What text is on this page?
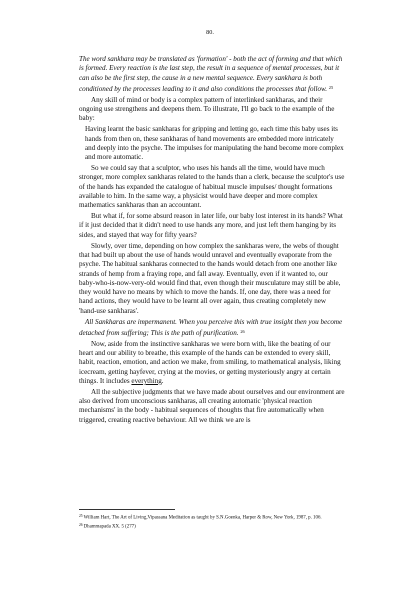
80.

The word sankhara may be translated as 'formation' - both the act of forming and that which is formed. Every reaction is the last step, the result in a sequence of mental processes, but it can also be the first step, the cause in a new mental sequence. Every sankhara is both conditioned by the processes leading to it and also conditions the processes that follow. $^{25}$

Any skill of mind or body is a complex pattern of interlinked sankharas, and their ongoing use strengthens and deepens them. To illustrate, I'll go back to the example of the baby:

Having learnt the basic sankharas for gripping and letting go, each time this baby uses its hands from then on, these sankharas of hand movements are embedded more intricately and deeply into the psyche. The impulses for manipulating the hand become more complex and more automatic.

So we could say that a sculptor, who uses his hands all the time, would have much stronger, more complex sankharas related to the hands than a clerk, because the sculptor's use of the hands has expanded the catalogue of habitual muscle impulses/ thought formations available to him. In the same way, a physicist would have deeper and more complex mathematics sankharas than an accountant.

But what if, for some absurd reason in later life, our baby lost interest in its hands? What if it just decided that it didn't need to use hands any more, and just left them hanging by its sides, and stayed that way for fifty years?

Slowly, over time, depending on how complex the sankharas were, the webs of thought that had built up about the use of hands would unravel and eventually evaporate from the psyche. The habitual sankharas connected to the hands would detach from one another like strands of hemp from a fraying rope, and fall away. Eventually, even if it wanted to, our baby-who-is-now-very-old would find that, even though their musculature may still be able, they would have no means by which to move the hands. If, one day, there was a need for hand actions, they would have to be learnt all over again, thus creating completely new 'hand-use sankharas'.

All Sankharas are impermanent. When you perceive this with true insight then you become detached from suffering; This is the path of purification. $^{26}$

Now, aside from the instinctive sankharas we were born with, like the beating of our heart and our ability to breathe, this example of the hands can be extended to every skill, habit, reaction, emotion, and action we make, from smiling, to mathematical analysis, liking icecream, getting hayfever, crying at the movies, or getting mysteriously angry at certain things. It includes everything.

All the subjective judgments that we have made about ourselves and our environment are also derived from unconscious sankharas, all creating automatic 'physical reaction mechanisms' in the body - habitual sequences of thoughts that fire automatically when triggered, creating reactive behaviour. All we think we are is

$^{25}$William Hart, The Art of Living,Vipassana Meditation as taught by S.N.Goenka, Harper & Row, New York, 1987, p. 106.

$^{26}$Dhammapada XX. 5 (277)
